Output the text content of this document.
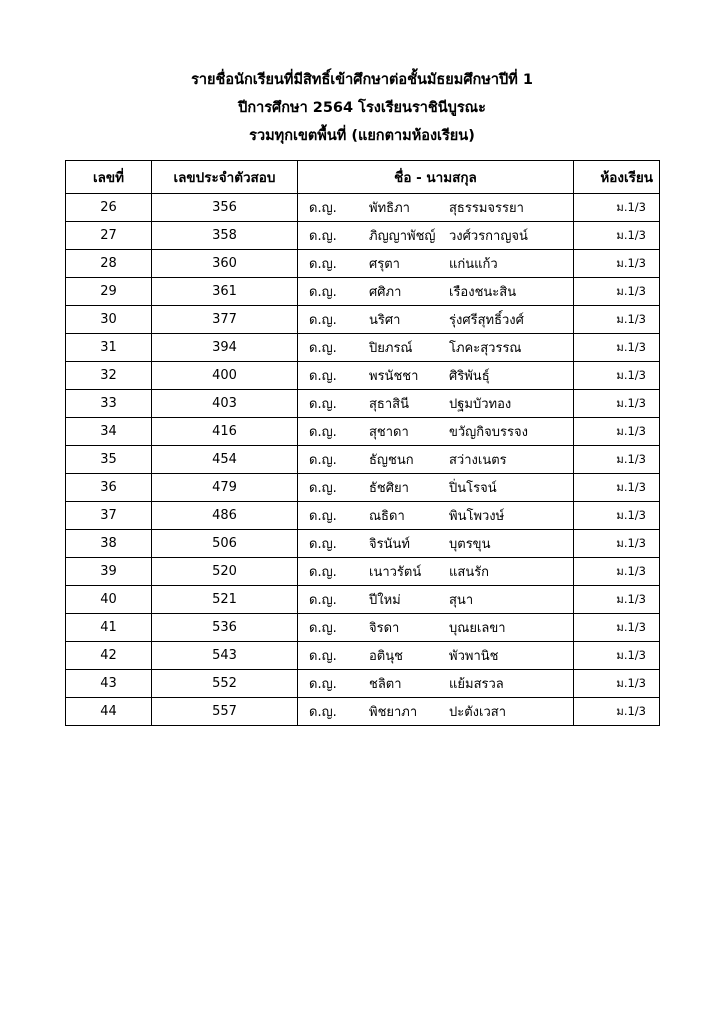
รายชื่อนักเรียนที่มีสิทธิ์เข้าศึกษาต่อชั้นมัธยมศึกษาปีที่ 1
ปีการศึกษา 2564 โรงเรียนราชินีบูรณะ
รวมทุกเขตพื้นที่ (แยกตามห้องเรียน)
เลขที่	เลขประจำตัวสอบ	ชื่อ - นามสกุล	ห้องเรียน
26	356	ด.ญ. พัทธิภา สุธรรมจรรยา	ม.1/3
27	358	ด.ญ. ภิญญาพัชญ์ วงศ์วรกาญจน์	ม.1/3
28	360	ด.ญ. ศรุตา แก่นแก้ว	ม.1/3
29	361	ด.ญ. ศศิภา เรืองชนะสิน	ม.1/3
30	377	ด.ญ. นริศา รุ่งศรีสุทธิ์วงศ์	ม.1/3
31	394	ด.ญ. ปิยภรณ์ โภคะสุวรรณ	ม.1/3
32	400	ด.ญ. พรนัชชา ศิริพันธุ์	ม.1/3
33	403	ด.ญ. สุธาสินี ปฐมบัวทอง	ม.1/3
34	416	ด.ญ. สุชาดา ขวัญกิจบรรจง	ม.1/3
35	454	ด.ญ. ธัญชนก สว่างเนตร	ม.1/3
36	479	ด.ญ. ธัชศิยา ปิ่นโรจน์	ม.1/3
37	486	ด.ญ. ณธิดา พินโพวงษ์	ม.1/3
38	506	ด.ญ. จิรนันท์ บุตรขุน	ม.1/3
39	520	ด.ญ. เนาวรัตน์ แสนรัก	ม.1/3
40	521	ด.ญ. ปีใหม่ สุนา	ม.1/3
41	536	ด.ญ. จิรดา บุณยเลขา	ม.1/3
42	543	ด.ญ. อตินุช พัวพานิช	ม.1/3
43	552	ด.ญ. ชลิตา แย้มสรวล	ม.1/3
44	557	ด.ญ. พิชยาภา ปะตังเวสา	ม.1/3
